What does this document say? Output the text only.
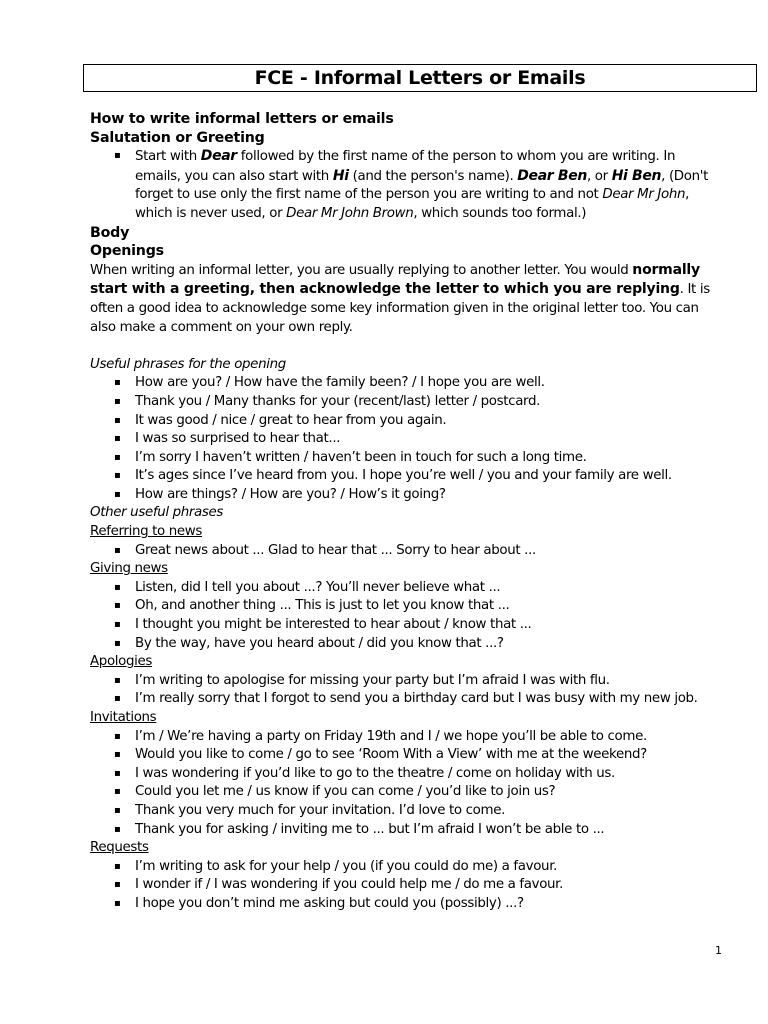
FCE - Informal Letters or Emails
How to write informal letters or emails
Salutation or Greeting
▪ Start with Dear followed by the first name of the person to whom you are writing. In emails, you can also start with Hi (and the person's name). Dear Ben, or Hi Ben, (Don't forget to use only the first name of the person you are writing to and not Dear Mr John, which is never used, or Dear Mr John Brown, which sounds too formal.)
Body
Openings

When writing an informal letter, you are usually replying to another letter. You would normally start with a greeting, then acknowledge the letter to which you are replying. It is often a good idea to acknowledge some key information given in the original letter too. You can also make a comment on your own reply.

Useful phrases for the opening
▪ How are you? / How have the family been? / I hope you are well.
▪ Thank you / Many thanks for your (recent/last) letter / postcard.
▪ It was good / nice / great to hear from you again.
▪ I was so surprised to hear that...
▪ I’m sorry I haven’t written / haven’t been in touch for such a long time.
▪ It’s ages since I’ve heard from you. I hope you’re well / you and your family are well.
▪ How are things? / How are you? / How’s it going?
Other useful phrases
Referring to news
▪ Great news about ... Glad to hear that ... Sorry to hear about ...
Giving news
▪ Listen, did I tell you about ...? You’ll never believe what ...
▪ Oh, and another thing ... This is just to let you know that ...
▪ I thought you might be interested to hear about / know that ...
▪ By the way, have you heard about / did you know that ...?
Apologies
▪ I’m writing to apologise for missing your party but I’m afraid I was with flu.
▪ I’m really sorry that I forgot to send you a birthday card but I was busy with my new job.
Invitations
▪ I’m / We’re having a party on Friday 19th and I / we hope you’ll be able to come.
▪ Would you like to come / go to see ‘Room With a View’ with me at the weekend?
▪ I was wondering if you’d like to go to the theatre / come on holiday with us.
▪ Could you let me / us know if you can come / you’d like to join us?
▪ Thank you very much for your invitation. I’d love to come.
▪ Thank you for asking / inviting me to ... but I’m afraid I won’t be able to ...
Requests
▪ I’m writing to ask for your help / you (if you could do me) a favour.
▪ I wonder if / I was wondering if you could help me / do me a favour.
▪ I hope you don’t mind me asking but could you (possibly) ...?
1
